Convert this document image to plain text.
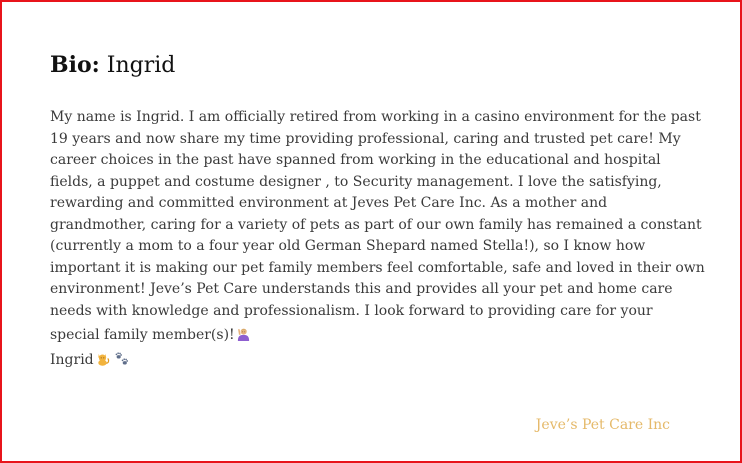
Bio: Ingrid

My name is Ingrid. I am officially retired from working in a casino environment for the past

19 years and now share my time providing professional, caring and trusted pet care! My

career choices in the past have spanned from working in the educational and hospital

fields, a puppet and costume designer , to Security management. I love the satisfying,

rewarding and committed environment at Jeves Pet Care Inc. As a mother and

grandmother, caring for a variety of pets as part of our own family has remained a constant

(currently a mom to a four year old German Shepard named Stella!), so I know how

important it is making our pet family members feel comfortable, safe and loved in their own

environment! Jeve’s Pet Care understands this and provides all your pet and home care

needs with knowledge and professionalism. I look forward to providing care for your

special family member(s)!

Ingrid

Jeve’s Pet Care Inc
